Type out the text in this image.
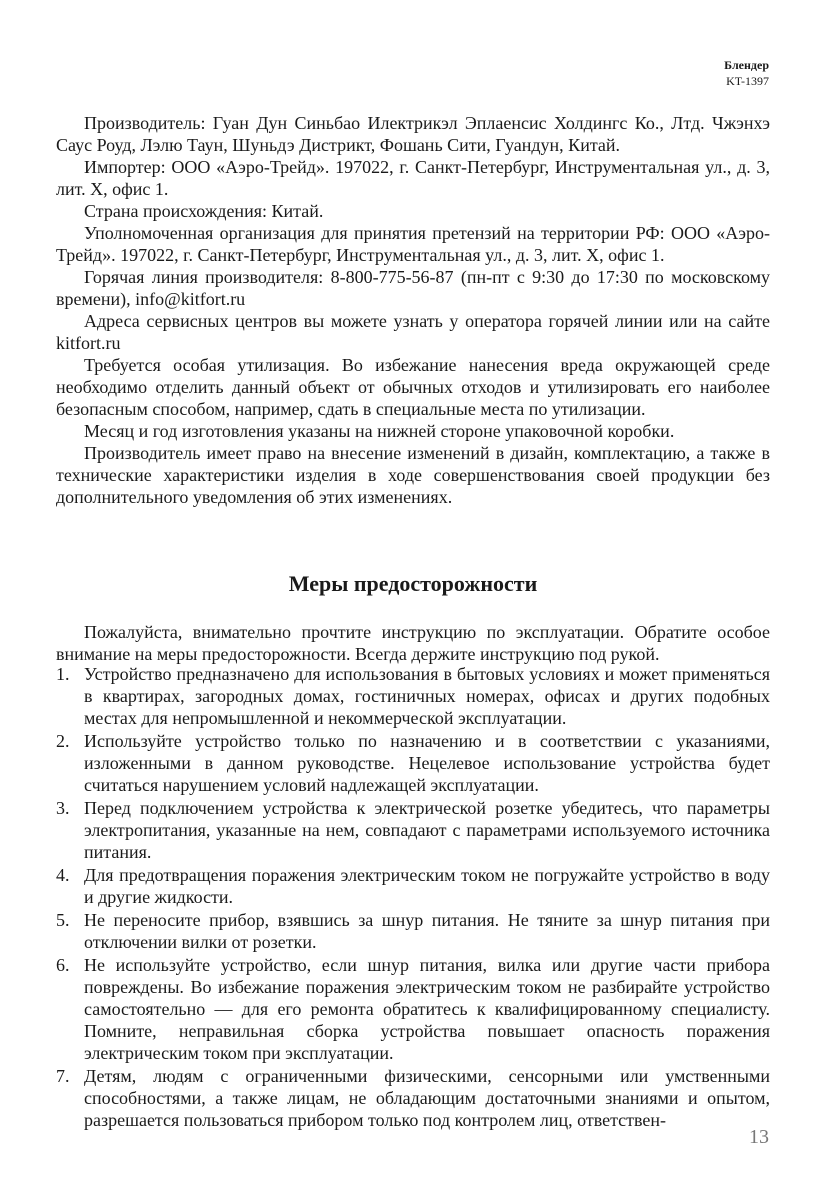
Блендер
KT-1397

Производитель: Гуан Дун Синьбао Илектрикэл Эплаенсис Холдингс Ко., Лтд. Чжэнхэ Саус Роуд, Лэлю Таун, Шуньдэ Дистрикт, Фошань Сити, Гуандун, Китай.

Импортер: ООО «Аэро-Трейд». 197022, г. Санкт-Петербург, Инструментальная ул., д. 3, лит. Х, офис 1.

Страна происхождения: Китай.

Уполномоченная организация для принятия претензий на территории РФ: ООО «Аэро-Трейд». 197022, г. Санкт-Петербург, Инструментальная ул., д. 3, лит. Х, офис 1.

Горячая линия производителя: 8-800-775-56-87 (пн-пт с 9:30 до 17:30 по московскому времени), info@kitfort.ru

Адреса сервисных центров вы можете узнать у оператора горячей линии или на сайте kitfort.ru

Требуется особая утилизация. Во избежание нанесения вреда окружающей среде необходимо отделить данный объект от обычных отходов и утилизировать его наиболее безопасным способом, например, сдать в специальные места по утилизации.

Месяц и год изготовления указаны на нижней стороне упаковочной коробки.

Производитель имеет право на внесение изменений в дизайн, комплектацию, а также в технические характеристики изделия в ходе совершенствования своей продукции без дополнительного уведомления об этих изменениях.

Меры предосторожности

Пожалуйста, внимательно прочтите инструкцию по эксплуатации. Обратите особое внимание на меры предосторожности. Всегда держите инструкцию под рукой.

1. Устройство предназначено для использования в бытовых условиях и может применяться в квартирах, загородных домах, гостиничных номерах, офисах и других подобных местах для непромышленной и некоммерческой эксплуатации.
2. Используйте устройство только по назначению и в соответствии с указаниями, изложенными в данном руководстве. Нецелевое использование устройства будет считаться нарушением условий надлежащей эксплуатации.
3. Перед подключением устройства к электрической розетке убедитесь, что параметры электропитания, указанные на нем, совпадают с параметрами используемого источника питания.
4. Для предотвращения поражения электрическим током не погружайте устройство в воду и другие жидкости.
5. Не переносите прибор, взявшись за шнур питания. Не тяните за шнур питания при отключении вилки от розетки.
6. Не используйте устройство, если шнур питания, вилка или другие части прибора повреждены. Во избежание поражения электрическим током не разбирайте устройство самостоятельно — для его ремонта обратитесь к квалифицированному специалисту. Помните, неправильная сборка устройства повышает опасность поражения электрическим током при эксплуатации.
7. Детям, людям с ограниченными физическими, сенсорными или умственными способностями, а также лицам, не обладающим достаточными знаниями и опытом, разрешается пользоваться прибором только под контролем лиц, ответствен-
13
